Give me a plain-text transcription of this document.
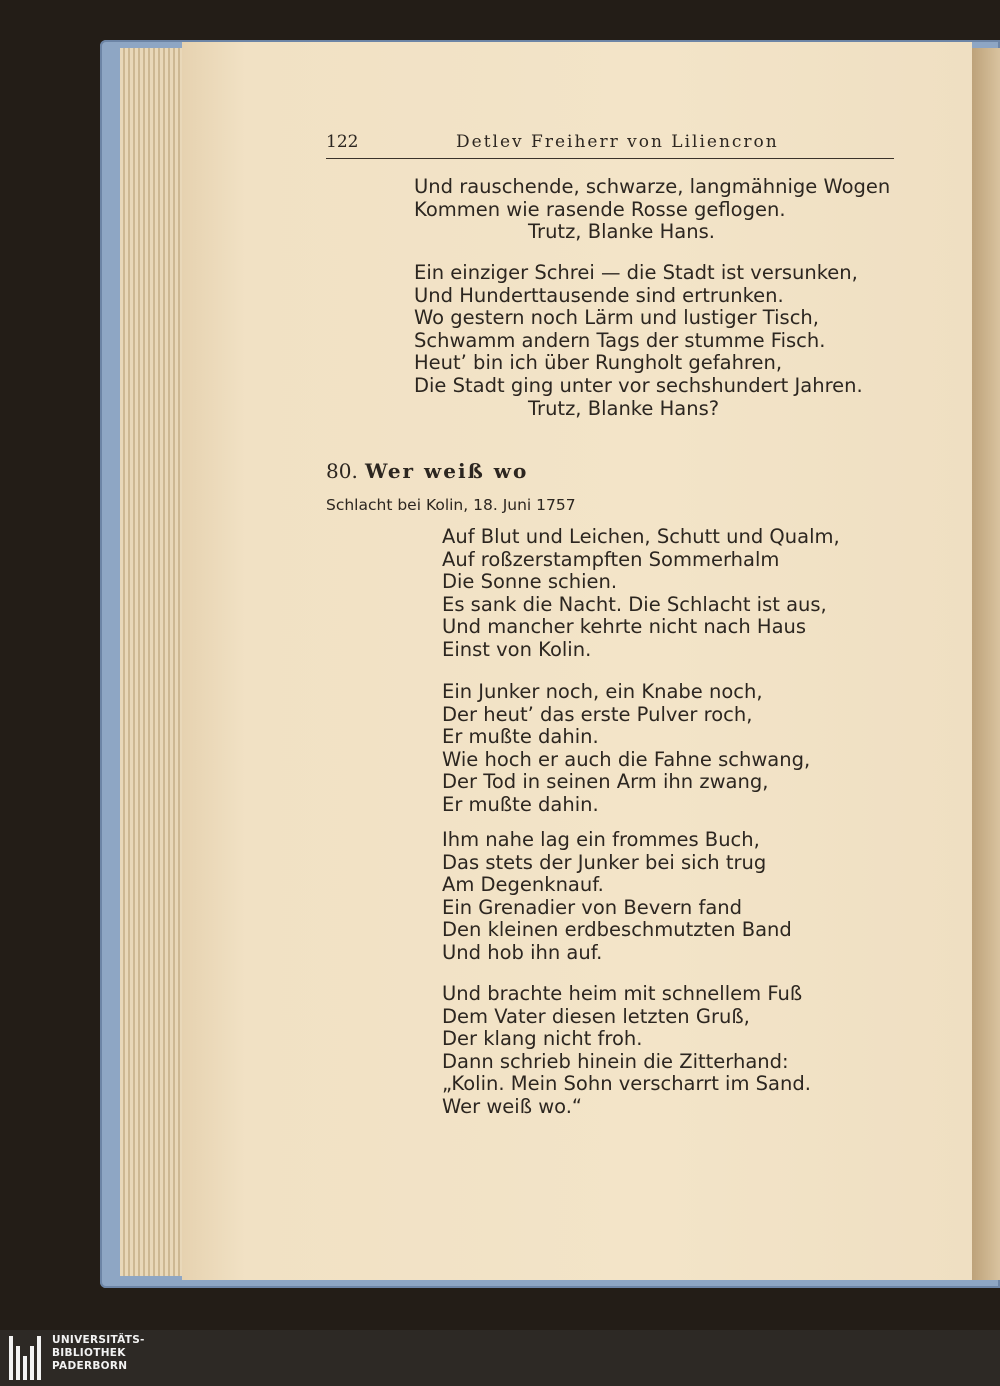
122	Detlev Freiherr von Liliencron
Und rauschende, schwarze, langmähnige Wogen
Kommen wie rasende Rosse geflogen.
Trutz, Blanke Hans.
Ein einziger Schrei — die Stadt ist versunken,
Und Hunderttausende sind ertrunken.
Wo gestern noch Lärm und lustiger Tisch,
Schwamm andern Tags der stumme Fisch.
Heut’ bin ich über Rungholt gefahren,
Die Stadt ging unter vor sechshundert Jahren.
Trutz, Blanke Hans?
80. Wer weiß wo
Schlacht bei Kolin, 18. Juni 1757
Auf Blut und Leichen, Schutt und Qualm,
Auf roßzerstampften Sommerhalm
Die Sonne schien.
Es sank die Nacht. Die Schlacht ist aus,
Und mancher kehrte nicht nach Haus
Einst von Kolin.
Ein Junker noch, ein Knabe noch,
Der heut’ das erste Pulver roch,
Er mußte dahin.
Wie hoch er auch die Fahne schwang,
Der Tod in seinen Arm ihn zwang,
Er mußte dahin.
Ihm nahe lag ein frommes Buch,
Das stets der Junker bei sich trug
Am Degenknauf.
Ein Grenadier von Bevern fand
Den kleinen erdbeschmutzten Band
Und hob ihn auf.
Und brachte heim mit schnellem Fuß
Dem Vater diesen letzten Gruß,
Der klang nicht froh.
Dann schrieb hinein die Zitterhand:
„Kolin. Mein Sohn verscharrt im Sand.
Wer weiß wo.“
UNIVERSITÄTS-
BIBLIOTHEK
PADERBORN
